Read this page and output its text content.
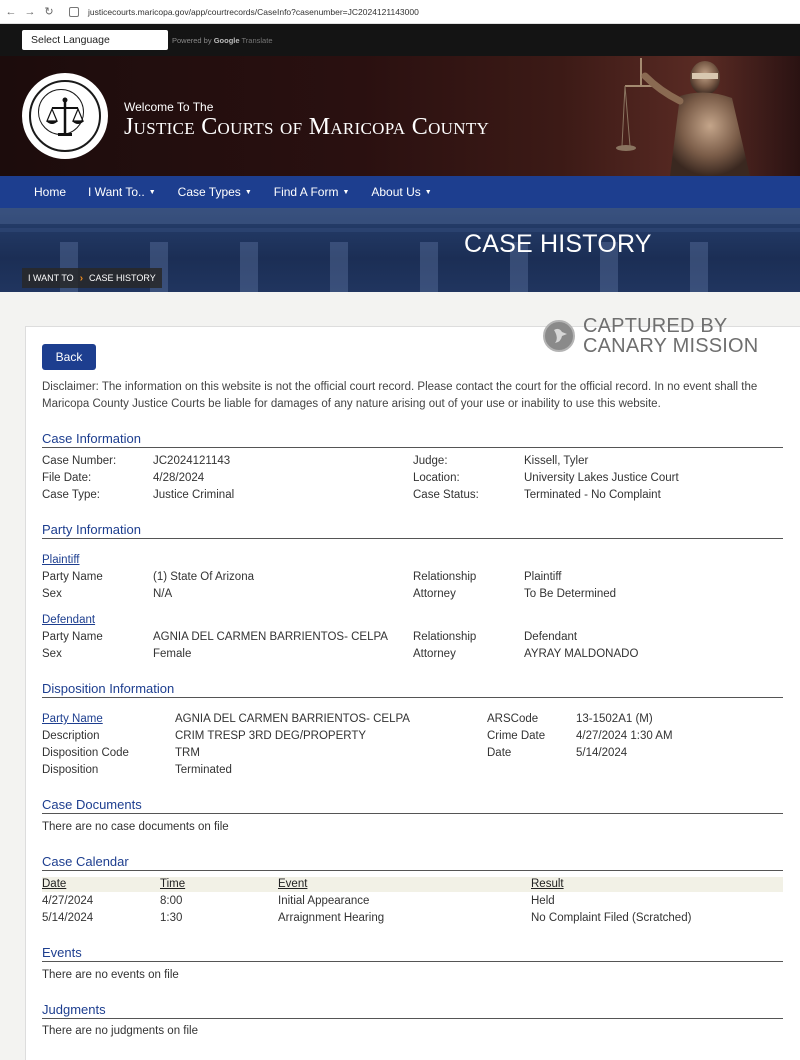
← → ↻	justicecourts.maricopa.gov/app/courtrecords/CaseInfo?casenumber=JC2024121143000
Select Language	Powered by Google Translate
Welcome To The
Justice Courts of Maricopa County
Home I Want To.. ▼ Case Types ▼ Find A Form ▼ About Us ▼
CASE HISTORY
I WANT TO › CASE HISTORY
CAPTURED BY
CANARY MISSION
Back
Disclaimer: The information on this website is not the official court record. Please contact the court for the official record. In no event shall the Maricopa County Justice Courts be liable for damages of any nature arising out of your use or inability to use this website.
Case Information
Case Number:	JC2024121143
File Date:	4/28/2024
Case Type:	Justice Criminal
Judge:	Kissell, Tyler
Location:	University Lakes Justice Court
Case Status:	Terminated - No Complaint
Party Information
Plaintiff
Party Name	(1) State Of Arizona
Sex	N/A
Relationship	Plaintiff
Attorney	To Be Determined
Defendant
Party Name	AGNIA DEL CARMEN BARRIENTOS- CELPA
Sex	Female
Relationship	Defendant
Attorney	AYRAY MALDONADO
Disposition Information
Party Name	AGNIA DEL CARMEN BARRIENTOS- CELPA
Description	CRIM TRESP 3RD DEG/PROPERTY
Disposition Code	TRM
Disposition	Terminated
ARSCode	13-1502A1 (M)
Crime Date	4/27/2024 1:30 AM
Date	5/14/2024
Case Documents
There are no case documents on file
Case Calendar
Date	Time	Event	Result
4/27/2024	8:00	Initial Appearance	Held
5/14/2024	1:30	Arraignment Hearing	No Complaint Filed (Scratched)
Events
There are no events on file
Judgments
There are no judgments on file
